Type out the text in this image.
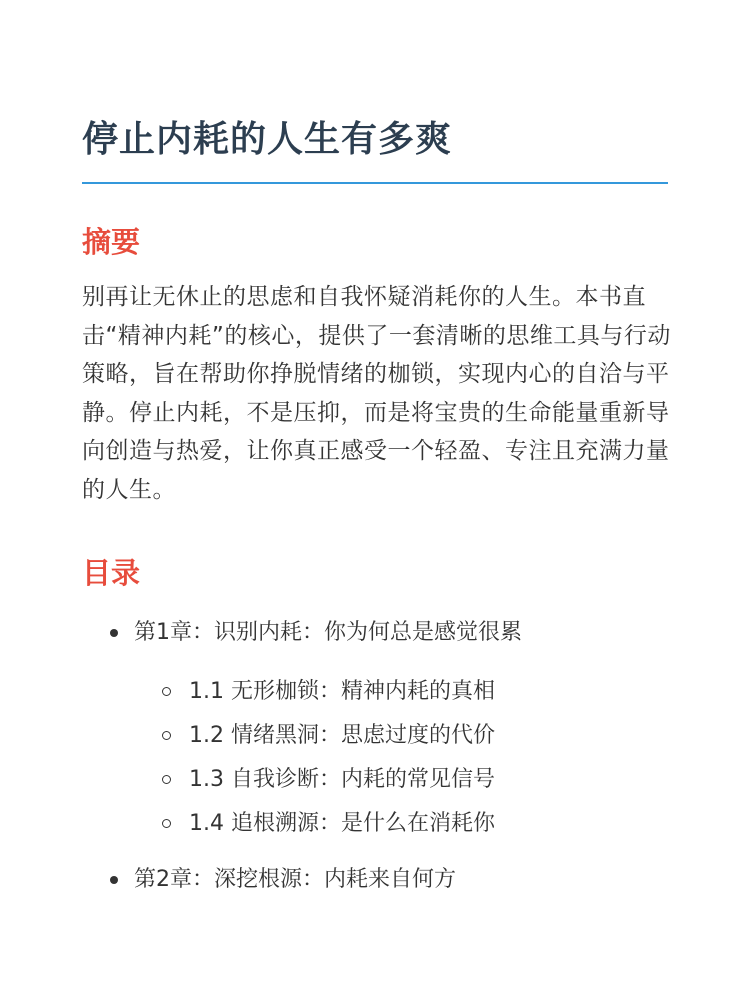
停止内耗的人生有多爽
摘要

别再让无休止的思虑和自我怀疑消耗你的人生。本书直击“精神内耗”的核心，提供了一套清晰的思维工具与行动策略，旨在帮助你挣脱情绪的枷锁，实现内心的自洽与平静。停止内耗，不是压抑，而是将宝贵的生命能量重新导向创造与热爱，让你真正感受一个轻盈、专注且充满力量的人生。

目录
第1章：识别内耗：你为何总是感觉很累
1.1 无形枷锁：精神内耗的真相
1.2 情绪黑洞：思虑过度的代价
1.3 自我诊断：内耗的常见信号
1.4 追根溯源：是什么在消耗你
第2章：深挖根源：内耗来自何方
